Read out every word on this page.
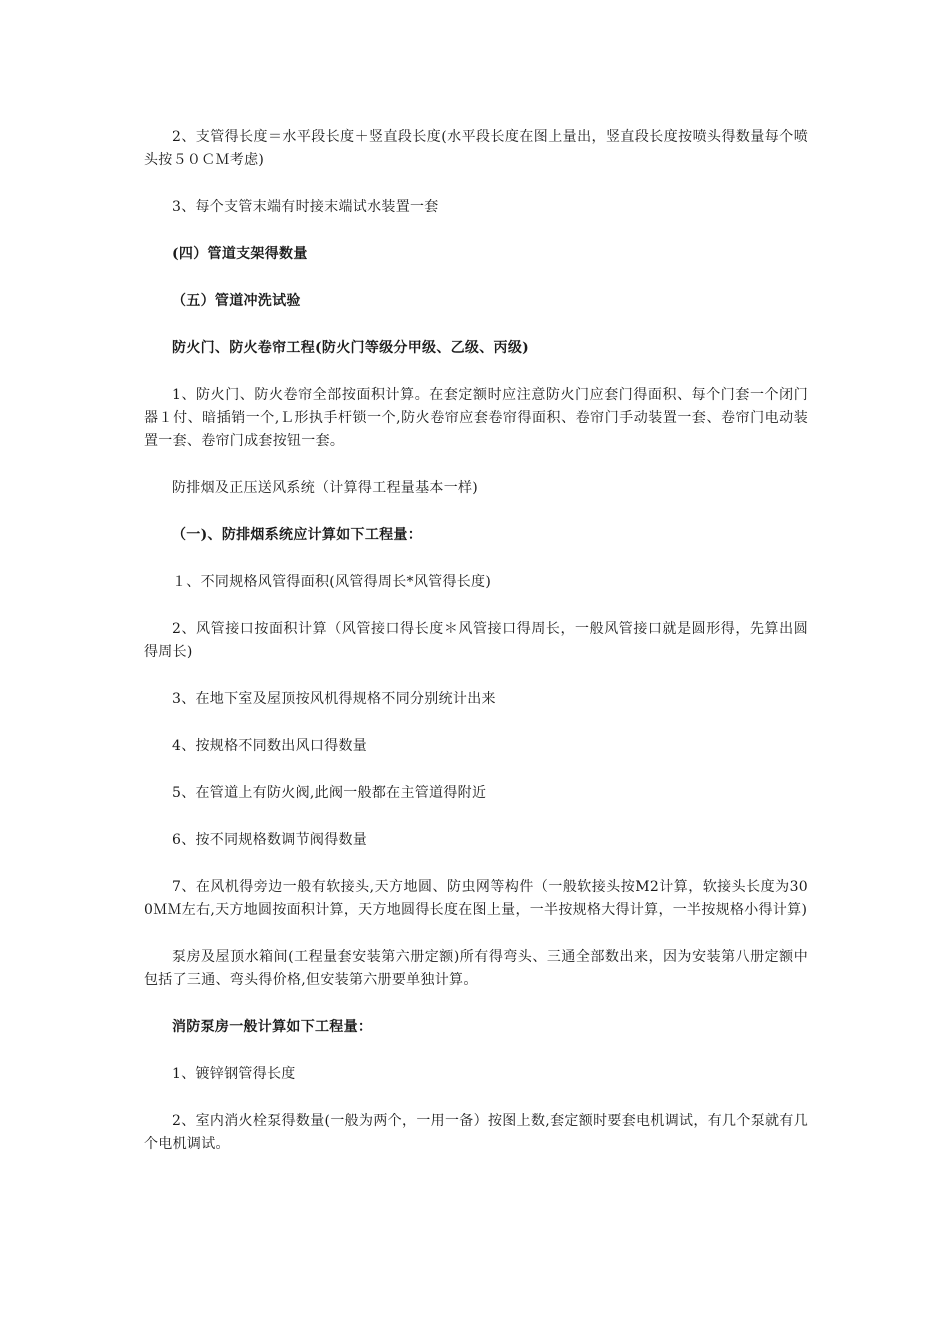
2、支管得长度＝水平段长度＋竖直段长度(水平段长度在图上量出，竖直段长度按喷头得数量每个喷头按５０ＣＭ考虑)

3、每个支管末端有时接末端试水装置一套

(四）管道支架得数量

（五）管道冲洗试验

防火门、防火卷帘工程(防火门等级分甲级、乙级、丙级)

1、防火门、防火卷帘全部按面积计算。在套定额时应注意防火门应套门得面积、每个门套一个闭门器１付、暗插销一个,Ｌ形执手杆锁一个,防火卷帘应套卷帘得面积、卷帘门手动装置一套、卷帘门电动装置一套、卷帘门成套按钮一套。

防排烟及正压送风系统（计算得工程量基本一样)

（一)、防排烟系统应计算如下工程量：

１、不同规格风管得面积(风管得周长*风管得长度)

2、风管接口按面积计算（风管接口得长度＊风管接口得周长，一般风管接口就是圆形得，先算出圆得周长)

3、在地下室及屋顶按风机得规格不同分别统计出来

4、按规格不同数出风口得数量

5、在管道上有防火阀,此阀一般都在主管道得附近

6、按不同规格数调节阀得数量

7、在风机得旁边一般有软接头,天方地圆、防虫网等构件（一般软接头按M2计算，软接头长度为300ＭＭ左右,天方地圆按面积计算，天方地圆得长度在图上量，一半按规格大得计算，一半按规格小得计算)

泵房及屋顶水箱间(工程量套安装第六册定额)所有得弯头、三通全部数出来，因为安装第八册定额中包括了三通、弯头得价格,但安装第六册要单独计算。

消防泵房一般计算如下工程量：

1、镀锌钢管得长度

2、室内消火栓泵得数量(一般为两个，一用一备）按图上数,套定额时要套电机调试，有几个泵就有几个电机调试。
